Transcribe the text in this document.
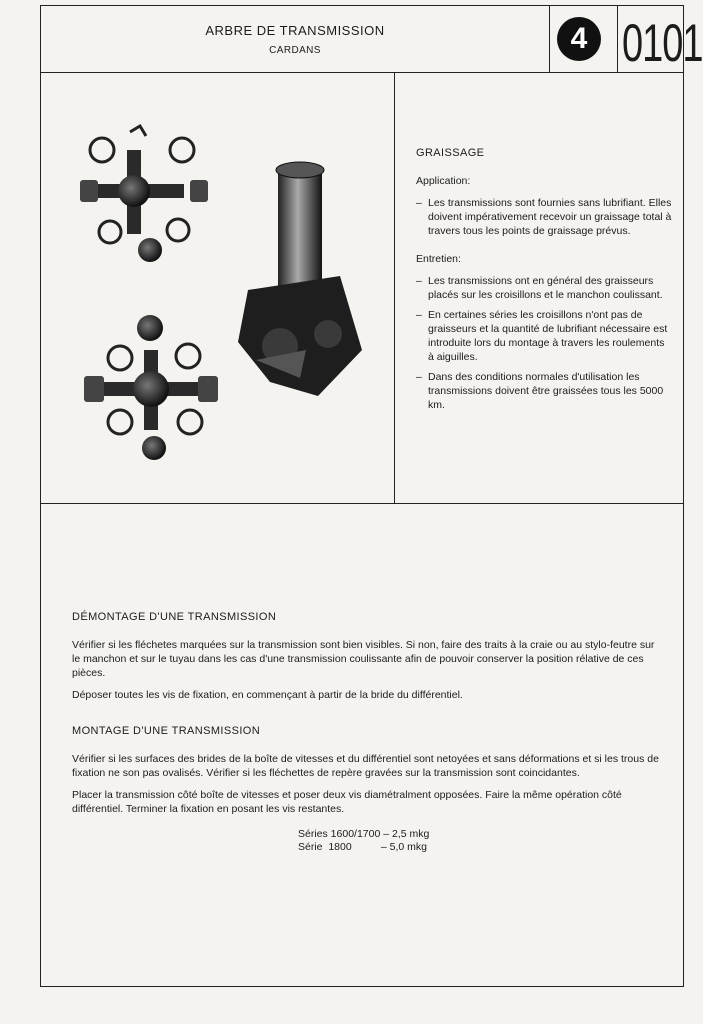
ARBRE DE TRANSMISSION
CARDANS	4 0101
GRAISSAGE
Application:
– Les transmissions sont fournies sans lubrifiant. Elles doivent impérativement recevoir un graissage total à travers tous les points de graissage prévus.
Entretien:
– Les transmissions ont en général des graisseurs placés sur les croisillons et le manchon coulissant.
– En certaines séries les croisillons n'ont pas de graisseurs et la quantité de lubrifiant nécessaire est introduite lors du montage à travers les roulements à aiguilles.
– Dans des conditions normales d'utilisation les transmissions doivent être graissées tous les 5000 km.
DÉMONTAGE D'UNE TRANSMISSION
Vérifier si les fléchetes marquées sur la transmission sont bien visibles. Si non, faire des traits à la craie ou au stylo-feutre sur le manchon et sur le tuyau dans les cas d'une transmission coulissante afin de pouvoir conserver la position rélative de ces pièces.
Déposer toutes les vis de fixation, en commençant à partir de la bride du différentiel.
MONTAGE D'UNE TRANSMISSION
Vérifier si les surfaces des brides de la boîte de vitesses et du différentiel sont netoyées et sans déformations et si les trous de fixation ne son pas ovalisés. Vérifier si les fléchettes de repère gravées sur la transmission sont coincidantes.
Placer la transmission côté boîte de vitesses et poser deux vis diamétralment opposées. Faire la même opération côté différentiel. Terminer la fixation en posant les vis restantes.
Séries 1600/1700 – 2,5 mkg
Série  1800	– 5,0 mkg
